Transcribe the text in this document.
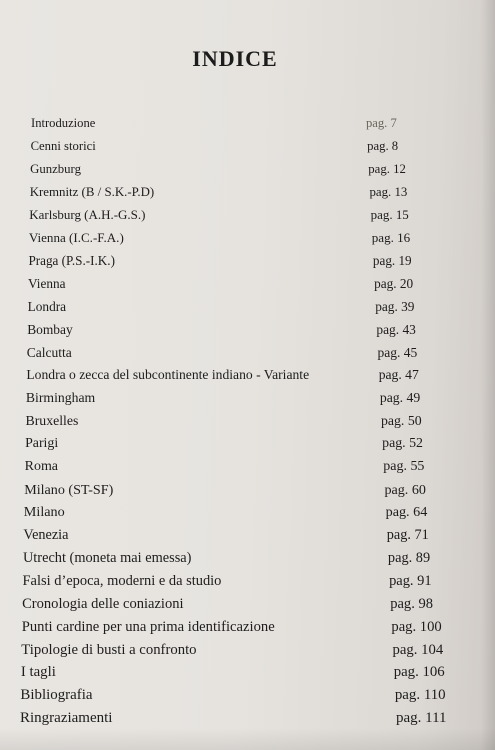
INDICE
Introduzione	pag. 7
Cenni storici	pag. 8
Gunzburg	pag. 12
Kremnitz (B / S.K.-P.D)	pag. 13
Karlsburg (A.H.-G.S.)	pag. 15
Vienna (I.C.-F.A.)	pag. 16
Praga (P.S.-I.K.)	pag. 19
Vienna	pag. 20
Londra	pag. 39
Bombay	pag. 43
Calcutta	pag. 45
Londra o zecca del subcontinente indiano - Variante	pag. 47
Birmingham	pag. 49
Bruxelles	pag. 50
Parigi	pag. 52
Roma	pag. 55
Milano (ST-SF)	pag. 60
Milano	pag. 64
Venezia	pag. 71
Utrecht (moneta mai emessa)	pag. 89
Falsi d’epoca, moderni e da studio	pag. 91
Cronologia delle coniazioni	pag. 98
Punti cardine per una prima identificazione	pag. 100
Tipologie di busti a confronto	pag. 104
I tagli	pag. 106
Bibliografia	pag. 110
Ringraziamenti	pag. 111
